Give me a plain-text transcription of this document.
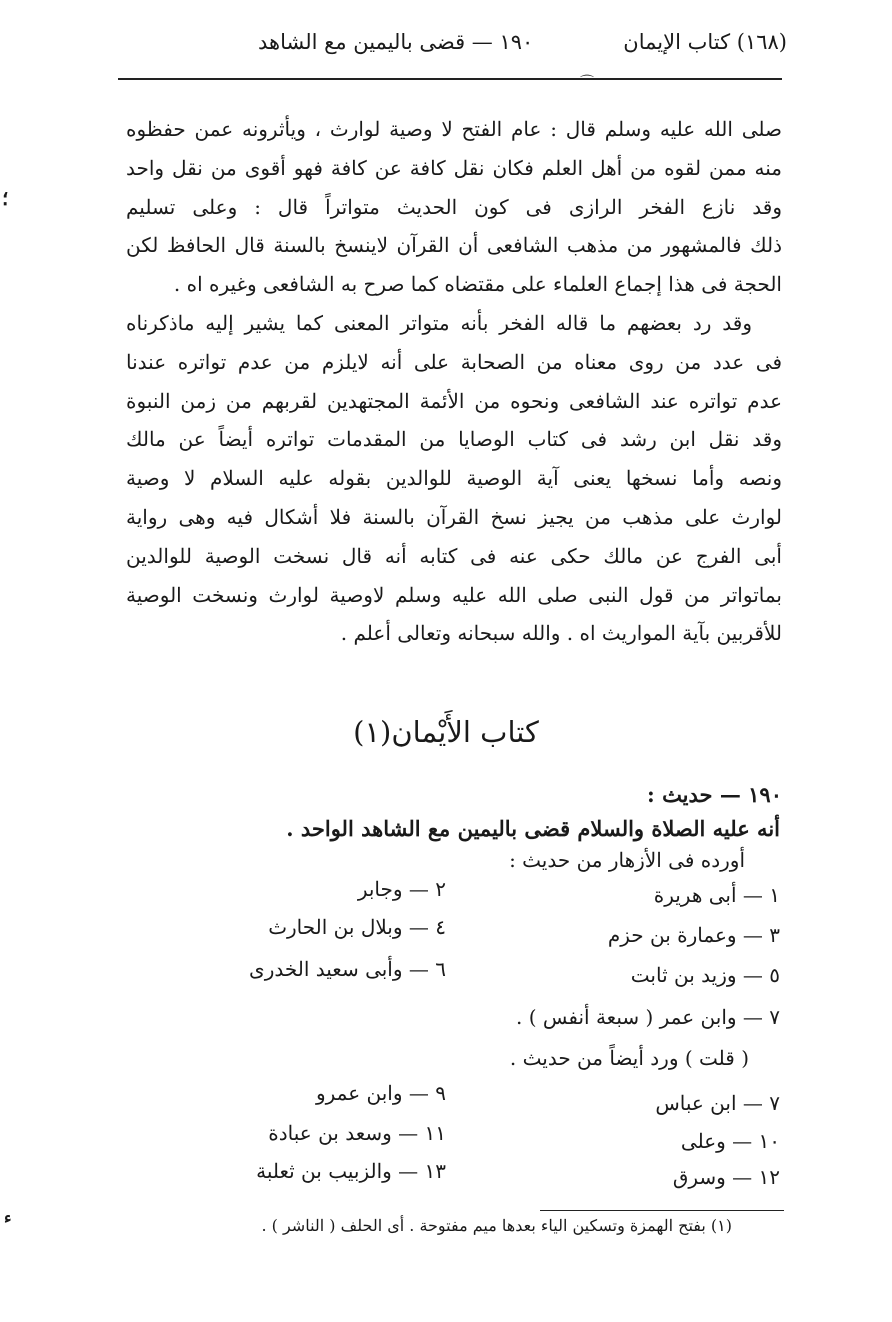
(١٦٨) كتاب الإيمان
١٩٠ — قضى باليمين مع الشاهد
⌒
صلى الله عليه وسلم قال : عام الفتح لا وصية لوارث ، ويأثرونه عمن حفظوه
منه ممن لقوه من أهل العلم فكان نقل كافة عن كافة فهو أقوى من نقل واحد
وقد نازع الفخر الرازى فى كون الحديث متواتراً قال : وعلى تسليم
ذلك فالمشهور من مذهب الشافعى أن القرآن لاينسخ بالسنة قال الحافظ لكن
الحجة فى هذا إجماع العلماء على مقتضاه كما صرح به الشافعى وغيره اه .
وقد رد بعضهم ما قاله الفخر بأنه متواتر المعنى كما يشير إليه ماذكرناه
فى عدد من روى معناه من الصحابة على أنه لايلزم من عدم تواتره عندنا
عدم تواتره عند الشافعى ونحوه من الأئمة المجتهدين لقربهم من زمن النبوة
وقد نقل ابن رشد فى كتاب الوصايا من المقدمات تواتره أيضاً عن مالك
ونصه وأما نسخها يعنى آية الوصية للوالدين بقوله عليه السلام لا وصية
لوارث على مذهب من يجيز نسخ القرآن بالسنة فلا أشكال فيه وهى رواية
أبى الفرج عن مالك حكى عنه فى كتابه أنه قال نسخت الوصية للوالدين
بماتواتر من قول النبى صلى الله عليه وسلم لاوصية لوارث ونسخت الوصية
للأقربين بآية المواريث اه . والله سبحانه وتعالى أعلم .
كتاب الأَيْمان(١)
١٩٠ — حديث :
أنه عليه الصلاة والسلام قضى باليمين مع الشاهد الواحد .
أورده فى الأزهار من حديث :
١ — أبى هريرة
٢ — وجابر
٣ — وعمارة بن حزم
٤ — وبلال بن الحارث
٥ — وزيد بن ثابت
٦ — وأبى سعيد الخدرى
٧ — وابن عمر ( سبعة أنفس ) .
( قلت ) ورد أيضاً من حديث .
٧ — ابن عباس
٩ — وابن عمرو
١٠ — وعلى
١١ — وسعد بن عبادة
١٢ — وسرق
١٣ — والزبيب بن ثعلبة
(١) بفتح الهمزة وتسكين الياء بعدها ميم مفتوحة . أى الحلف ( الناشر ) .
؛
ء
